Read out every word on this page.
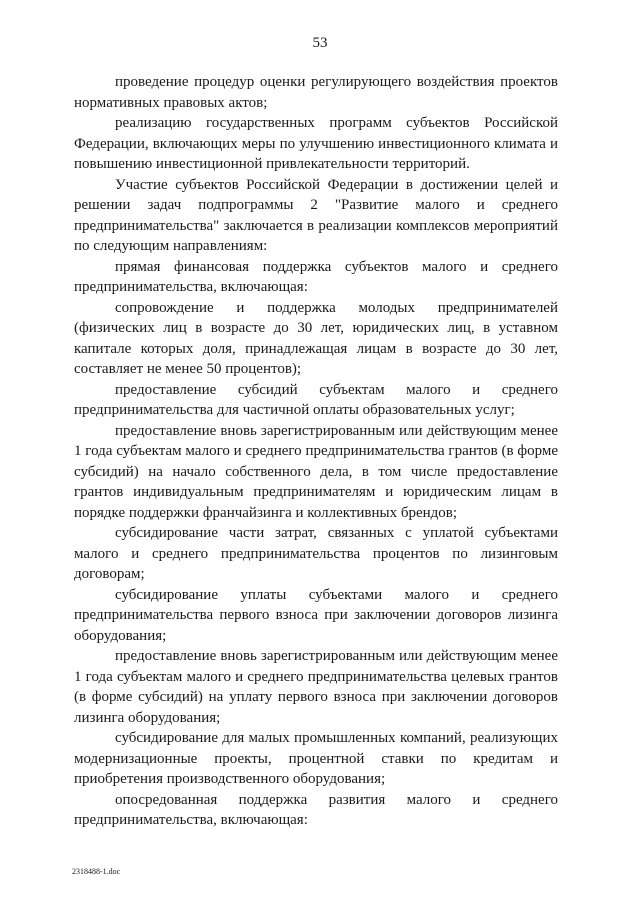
53

проведение процедур оценки регулирующего воздействия проектов нормативных правовых актов;

реализацию государственных программ субъектов Российской Федерации, включающих меры по улучшению инвестиционного климата и повышению инвестиционной привлекательности территорий.

Участие субъектов Российской Федерации в достижении целей и решении задач подпрограммы 2 "Развитие малого и среднего предпринимательства" заключается в реализации комплексов мероприятий по следующим направлениям:

прямая финансовая поддержка субъектов малого и среднего предпринимательства, включающая:

сопровождение и поддержка молодых предпринимателей (физических лиц в возрасте до 30 лет, юридических лиц, в уставном капитале которых доля, принадлежащая лицам в возрасте до 30 лет, составляет не менее 50 процентов);

предоставление субсидий субъектам малого и среднего предпринимательства для частичной оплаты образовательных услуг;

предоставление вновь зарегистрированным или действующим менее 1 года субъектам малого и среднего предпринимательства грантов (в форме субсидий) на начало собственного дела, в том числе предоставление грантов индивидуальным предпринимателям и юридическим лицам в порядке поддержки франчайзинга и коллективных брендов;

субсидирование части затрат, связанных с уплатой субъектами малого и среднего предпринимательства процентов по лизинговым договорам;

субсидирование уплаты субъектами малого и среднего предпринимательства первого взноса при заключении договоров лизинга оборудования;

предоставление вновь зарегистрированным или действующим менее 1 года субъектам малого и среднего предпринимательства целевых грантов (в форме субсидий) на уплату первого взноса при заключении договоров лизинга оборудования;

субсидирование для малых промышленных компаний, реализующих модернизационные проекты, процентной ставки по кредитам и приобретения производственного оборудования;

опосредованная поддержка развития малого и среднего предпринимательства, включающая:

2318488-1.doc
